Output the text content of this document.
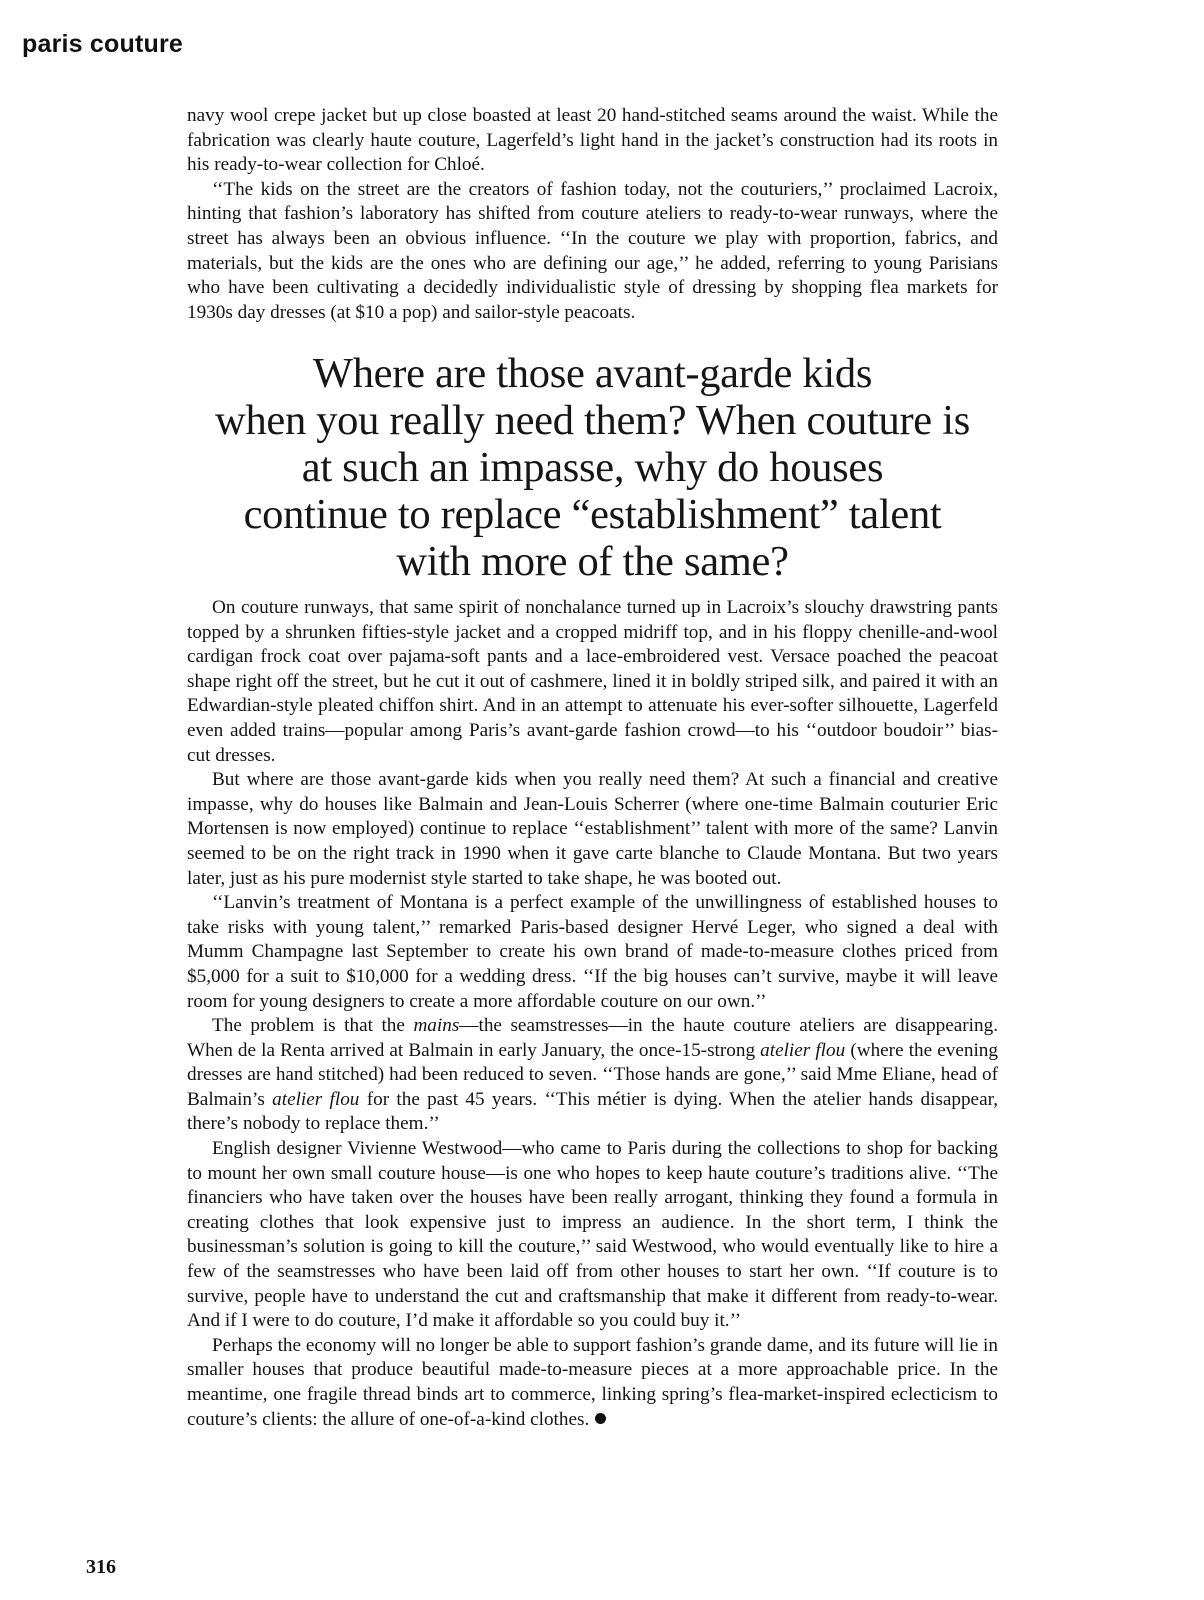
paris couture

navy wool crepe jacket but up close boasted at least 20 hand-stitched seams around the waist. While the fabrication was clearly haute couture, Lagerfeld’s light hand in the jacket’s construction had its roots in his ready-to-wear collection for Chloé.

‘‘The kids on the street are the creators of fashion today, not the couturiers,’’ proclaimed Lacroix, hinting that fashion’s laboratory has shifted from couture ateliers to ready-to-wear runways, where the street has always been an obvious influence. ‘‘In the couture we play with proportion, fabrics, and materials, but the kids are the ones who are defining our age,’’ he added, referring to young Parisians who have been cultivating a decidedly individualistic style of dressing by shopping flea markets for 1930s day dresses (at $10 a pop) and sailor-style peacoats.

Where are those avant-garde kids
when you really need them? When couture is
at such an impasse, why do houses
continue to replace “establishment” talent
with more of the same?

On couture runways, that same spirit of nonchalance turned up in Lacroix’s slouchy drawstring pants topped by a shrunken fifties-style jacket and a cropped midriff top, and in his floppy chenille-and-wool cardigan frock coat over pajama-soft pants and a lace-embroidered vest. Versace poached the peacoat shape right off the street, but he cut it out of cashmere, lined it in boldly striped silk, and paired it with an Edwardian-style pleated chiffon shirt. And in an attempt to attenuate his ever-softer silhouette, Lagerfeld even added trains—popular among Paris’s avant-garde fashion crowd—to his ‘‘outdoor boudoir’’ bias-cut dresses.

But where are those avant-garde kids when you really need them? At such a financial and creative impasse, why do houses like Balmain and Jean-Louis Scherrer (where one-time Balmain couturier Eric Mortensen is now employed) continue to replace ‘‘establishment’’ talent with more of the same? Lanvin seemed to be on the right track in 1990 when it gave carte blanche to Claude Montana. But two years later, just as his pure modernist style started to take shape, he was booted out.

‘‘Lanvin’s treatment of Montana is a perfect example of the unwillingness of established houses to take risks with young talent,’’ remarked Paris-based designer Hervé Leger, who signed a deal with Mumm Champagne last September to create his own brand of made-to-measure clothes priced from $5,000 for a suit to $10,000 for a wedding dress. ‘‘If the big houses can’t survive, maybe it will leave room for young designers to create a more affordable couture on our own.’’

The problem is that the mains—the seamstresses—in the haute couture ateliers are disappearing. When de la Renta arrived at Balmain in early January, the once-15-strong atelier flou (where the evening dresses are hand stitched) had been reduced to seven. ‘‘Those hands are gone,’’ said Mme Eliane, head of Balmain’s atelier flou for the past 45 years. ‘‘This métier is dying. When the atelier hands disappear, there’s nobody to replace them.’’

English designer Vivienne Westwood—who came to Paris during the collections to shop for backing to mount her own small couture house—is one who hopes to keep haute couture’s traditions alive. ‘‘The financiers who have taken over the houses have been really arrogant, thinking they found a formula in creating clothes that look expensive just to impress an audience. In the short term, I think the businessman’s solution is going to kill the couture,’’ said Westwood, who would eventually like to hire a few of the seamstresses who have been laid off from other houses to start her own. ‘‘If couture is to survive, people have to understand the cut and craftsmanship that make it different from ready-to-wear. And if I were to do couture, I’d make it affordable so you could buy it.’’

Perhaps the economy will no longer be able to support fashion’s grande dame, and its future will lie in smaller houses that produce beautiful made-to-measure pieces at a more approachable price. In the meantime, one fragile thread binds art to commerce, linking spring’s flea-market-inspired eclecticism to couture’s clients: the allure of one-of-a-kind clothes.

316
